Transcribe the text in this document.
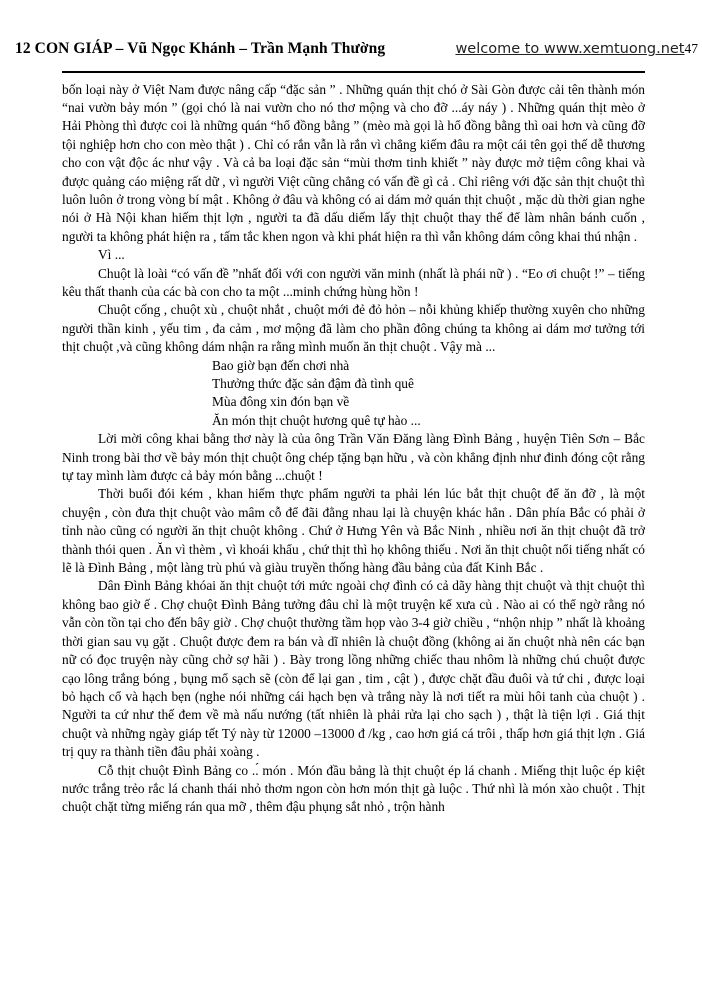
12 CON GIÁP – Vũ Ngọc Khánh – Trần Mạnh Thường	welcome to www.xemtuong.net 47

bốn loại này ở Việt Nam được nâng cấp “đặc sản ” . Những quán thịt chó ở Sài Gòn được cải tên thành món “nai vườn bảy món ” (gọi chó là nai vườn cho nó thơ mộng và cho đỡ ...áy náy ) . Những quán thịt mèo ở Hải Phòng thì được coi là những quán “hổ đồng bằng ” (mèo mà gọi là hổ đồng bằng thì oai hơn và cũng đỡ tội nghiệp hơn cho con mèo thật ) . Chỉ có rắn vẫn là rắn vì chẳng kiếm đâu ra một cái tên gọi thế dễ thương cho con vật độc ác như vậy . Và cả ba loại đặc sản “mùi thơm tinh khiết ” này được mở tiệm công khai và được quảng cáo miệng rất dữ , vì người Việt cũng chẳng có vấn đề gì cả . Chỉ riêng với đặc sản thịt chuột thì luôn luôn ở trong vòng bí mật . Không ở đâu và không có ai dám mở quán thịt chuột , mặc dù thời gian nghe nói ở Hà Nội khan hiếm thịt lợn , người ta đã dấu diếm lấy thịt chuột thay thế để làm nhân bánh cuốn , người ta không phát hiện ra , tấm tắc khen ngon và khi phát hiện ra thì vẫn không dám công khai thú nhận .

Vì ...

Chuột là loài “có vấn đề ”nhất đối với con người văn minh (nhất là phái nữ ) . “Eo ơi chuột !” – tiếng kêu thất thanh của các bà con cho ta một ...minh chứng hùng hồn !

Chuột cống , chuột xù , chuột nhắt , chuột mới đẻ đỏ hỏn – nỗi khủng khiếp thường xuyên cho những người thần kinh , yếu tim , đa cảm , mơ mộng đã làm cho phần đông chúng ta không ai dám mơ tưởng tới thịt chuột ,và cũng không dám nhận ra rằng mình muốn ăn thịt chuột . Vậy mà ...

Bao giờ bạn đến chơi nhà
Thưởng thức đặc sản đậm đà tình quê
Mùa đông xin đón bạn về
Ăn món thịt chuột hương quê tự hào ...

Lời mời công khai bằng thơ này là của ông Trần Văn Đăng làng Đình Bảng , huyện Tiên Sơn – Bắc Ninh trong bài thơ về bảy món thịt chuột ông chép tặng bạn hữu , và còn khẳng định như đinh đóng cột rằng tự tay mình làm được cả bảy món bằng ...chuột !

Thời buổi đói kém , khan hiếm thực phẩm người ta phải lén lúc bắt thịt chuột để ăn đỡ , là một chuyện , còn đưa thịt chuột vào mâm cỗ để đãi đằng nhau lại là chuyện khác hẳn . Dân phía Bắc có phải ở tỉnh nào cũng có người ăn thịt chuột không . Chứ ở Hưng Yên và Bắc Ninh , nhiều nơi ăn thịt chuột đã trở thành thói quen . Ăn vì thèm , vì khoái khẩu , chứ thịt thì họ không thiếu . Nơi ăn thịt chuột nổi tiếng nhất có lẽ là Đình Bảng , một làng trù phú và giàu truyền thống hàng đầu bảng của đất Kinh Bắc .

Dân Đình Bảng khóai ăn thịt chuột tới mức ngoài chợ đình có cả dãy hàng thịt chuột và thịt chuột thì không bao giờ ế . Chợ chuột Đình Bảng tưởng đâu chỉ là một truyện kể xưa củ . Nào ai có thể ngờ rằng nó vẫn còn tồn tại cho đến bây giờ . Chợ chuột thường tầm họp vào 3-4 giờ chiều , “nhộn nhịp ” nhất là khoảng thời gian sau vụ gặt . Chuột được đem ra bán và dĩ nhiên là chuột đồng (không ai ăn chuột nhà nên các bạn nữ có đọc truyện này cũng chở sợ hãi ) . Bày trong lồng những chiếc thau nhôm là những chú chuột được cạo lông trắng bóng , bụng mổ sạch sẽ (còn để lại gan , tim , cật ) , được chặt đầu đuôi và tứ chi , được loại bỏ hạch cổ và hạch bẹn (nghe nói những cái hạch bẹn và trắng này là nơi tiết ra mùi hôi tanh của chuột ) . Người ta cứ như thế đem về mà nấu nướng (tất nhiên là phải rửa lại cho sạch ) , thật là tiện lợi . Giá thịt chuột và những ngày giáp tết Tý này từ 12000 –13000 đ /kg , cao hơn giá cá trôi , thấp hơn giá thịt lợn . Giá trị quy ra thành tiền đâu phải xoàng .

Cỗ thịt chuột Đình Bảng co ..́ món . Món đầu bảng là thịt chuột ép lá chanh . Miếng thịt luộc ép kiệt nước trắng trẻo rắc lá chanh thái nhỏ thơm ngon còn hơn món thịt gà luộc . Thứ nhì là món xào chuột . Thịt chuột chặt từng miếng rán qua mỡ , thêm đậu phụng sắt nhỏ , trộn hành
